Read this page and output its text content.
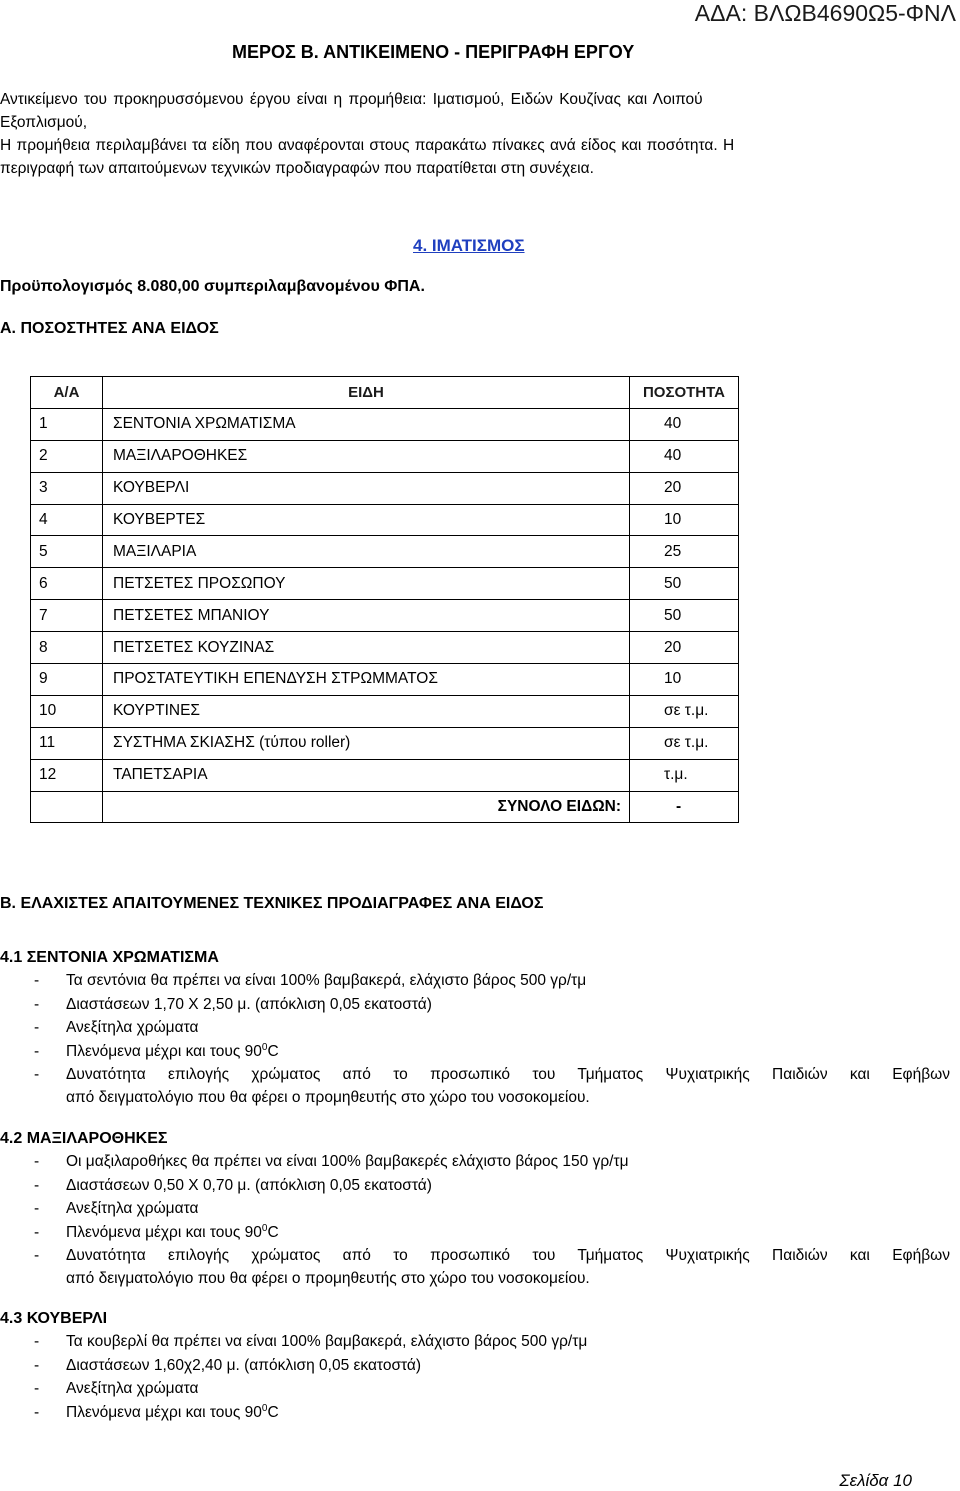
ΑΔΑ: ΒΛΩΒ4690Ω5-ΦΝΛ
ΜΕΡΟΣ Β. ΑΝΤΙΚΕΙΜΕΝΟ - ΠΕΡΙΓΡΑΦΗ ΕΡΓΟΥ
Αντικείμενο του προκηρυσσόμενου έργου είναι η προμήθεια: Ιματισμού, Ειδών Κουζίνας και Λοιπού
Εξοπλισμού,
Η προμήθεια περιλαμβάνει τα είδη που αναφέρονται στους παρακάτω πίνακες ανά είδος και ποσότητα. Η
περιγραφή των απαιτούμενων τεχνικών προδιαγραφών που παρατίθεται στη συνέχεια.
4. ΙΜΑΤΙΣΜΟΣ
Προϋπολογισμός 8.080,00 συμπεριλαμβανομένου ΦΠΑ.
Α. ΠΟΣΟΣΤΗΤΕΣ ΑΝΑ ΕΙΔΟΣ
Α/Α	ΕΙΔΗ	ΠΟΣΟΤΗΤΑ
1	ΣΕΝΤΟΝΙΑ ΧΡΩΜΑΤΙΣΜΑ	40
2	ΜΑΞΙΛΑΡΟΘΗΚΕΣ	40
3	ΚΟΥΒΕΡΛΙ	20
4	ΚΟΥΒΕΡΤΕΣ	10
5	ΜΑΞΙΛΑΡΙΑ	25
6	ΠΕΤΣΕΤΕΣ ΠΡΟΣΩΠΟΥ	50
7	ΠΕΤΣΕΤΕΣ ΜΠΑΝΙΟΥ	50
8	ΠΕΤΣΕΤΕΣ ΚΟΥΖΙΝΑΣ	20
9	ΠΡΟΣΤΑΤΕΥΤΙΚΗ ΕΠΕΝΔΥΣΗ ΣΤΡΩΜΜΑΤΟΣ	10
10	ΚΟΥΡΤΙΝΕΣ	σε τ.μ.
11	ΣΥΣΤΗΜΑ ΣΚΙΑΣΗΣ (τύπου roller)	σε τ.μ.
12	ΤΑΠΕΤΣΑΡΙΑ	τ.μ.
	ΣΥΝΟΛΟ ΕΙΔΩΝ:	-
Β. ΕΛΑΧΙΣΤΕΣ ΑΠΑΙΤΟΥΜΕΝΕΣ ΤΕΧΝΙΚΕΣ ΠΡΟΔΙΑΓΡΑΦΕΣ ΑΝΑ ΕΙΔΟΣ
4.1 ΣΕΝΤΟΝΙΑ ΧΡΩΜΑΤΙΣΜΑ
- Τα σεντόνια θα πρέπει να είναι 100% βαμβακερά, ελάχιστο βάρος 500 γρ/τμ
- Διαστάσεων 1,70 Χ 2,50 μ. (απόκλιση 0,05 εκατοστά)
- Ανεξίτηλα χρώματα
- Πλενόμενα μέχρι και τους $90^0C$
- Δυνατότητα επιλογής χρώματος από το προσωπικό του Τμήματος Ψυχιατρικής Παιδιών και Εφήβων
από δειγματολόγιο που θα φέρει ο προμηθευτής στο χώρο του νοσοκομείου.
4.2 ΜΑΞΙΛΑΡΟΘΗΚΕΣ
- Οι μαξιλαροθήκες θα πρέπει να είναι 100% βαμβακερές ελάχιστο βάρος 150 γρ/τμ
- Διαστάσεων 0,50 Χ 0,70 μ. (απόκλιση 0,05 εκατοστά)
- Ανεξίτηλα χρώματα
- Πλενόμενα μέχρι και τους $90^0C$
- Δυνατότητα επιλογής χρώματος από το προσωπικό του Τμήματος Ψυχιατρικής Παιδιών και Εφήβων
από δειγματολόγιο που θα φέρει ο προμηθευτής στο χώρο του νοσοκομείου.
4.3 ΚΟΥΒΕΡΛΙ
- Τα κουβερλί θα πρέπει να είναι 100% βαμβακερά, ελάχιστο βάρος 500 γρ/τμ
- Διαστάσεων 1,60χ2,40 μ. (απόκλιση 0,05 εκατοστά)
- Ανεξίτηλα χρώματα
- Πλενόμενα μέχρι και τους $90^0C$
Σελίδα 10
